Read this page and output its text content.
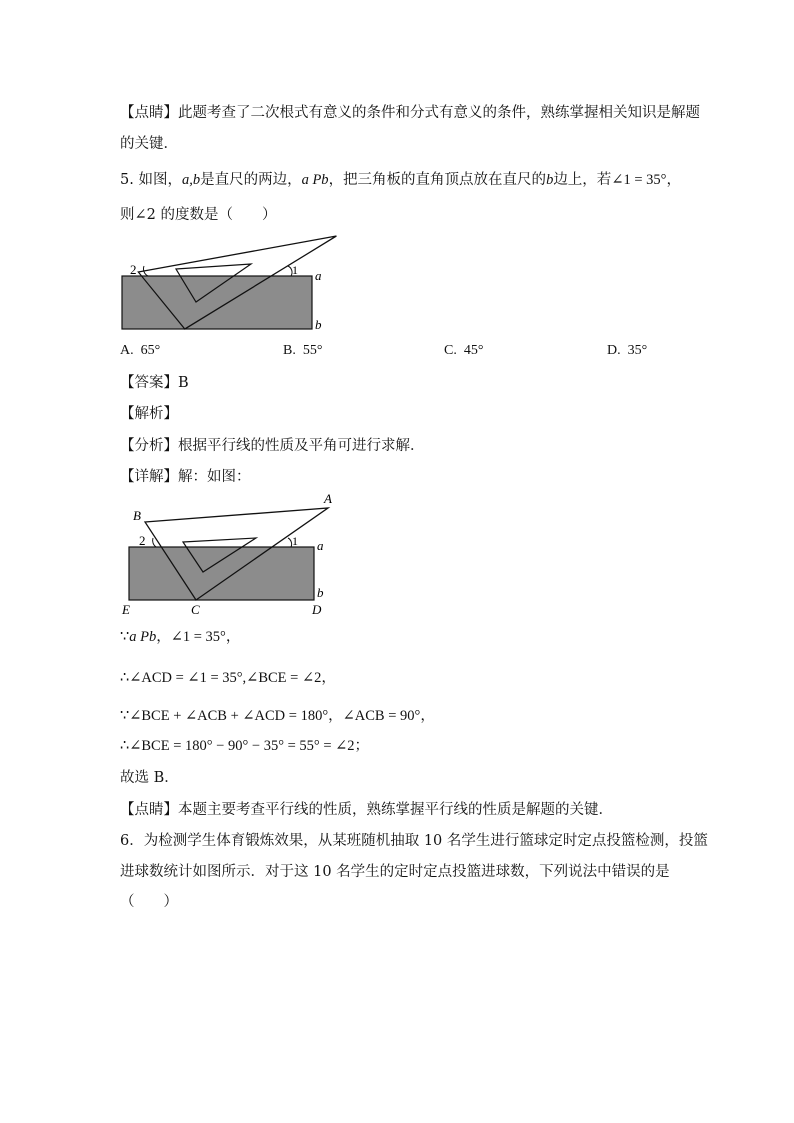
【点睛】此题考查了二次根式有意义的条件和分式有意义的条件，熟练掌握相关知识是解题
的关键．
5. 如图，a,b是直尺的两边，a Pb，把三角板的直角顶点放在直尺的b边上，若∠1 = 35°，
则∠2 的度数是（　　）
2	1 a
b
A. 65°	B. 55°	C. 45°	D. 35°
【答案】B
【解析】
【分析】根据平行线的性质及平角可进行求解．
【详解】解：如图：
B
A
2	1 a
b
E	C	D
∵a Pb，∠1 = 35°，
∴∠ACD = ∠1 = 35°,∠BCE = ∠2，
∵∠BCE + ∠ACB + ∠ACD = 180°，∠ACB = 90°，
∴∠BCE = 180° − 90° − 35° = 55° = ∠2；
故选 B．
【点睛】本题主要考查平行线的性质，熟练掌握平行线的性质是解题的关键．
6．为检测学生体育锻炼效果，从某班随机抽取 10 名学生进行篮球定时定点投篮检测，投篮
进球数统计如图所示．对于这 10 名学生的定时定点投篮进球数，下列说法中错误的是
（　　）
